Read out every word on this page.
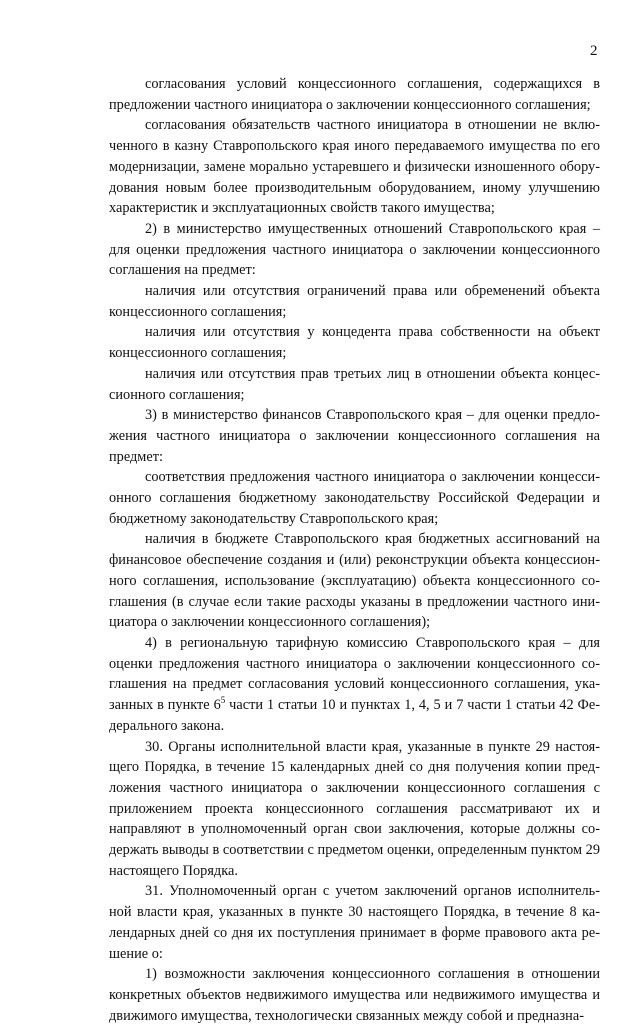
2

согласования условий концессионного соглашения, содержащихся в предложении частного инициатора о заключении концессионного соглашения;

согласования обязательств частного инициатора в отношении не вклю-ченного в казну Ставропольского края иного передаваемого имущества по его модернизации, замене морально устаревшего и физически изношенного обору-дования новым более производительным оборудованием, иному улучшению характеристик и эксплуатационных свойств такого имущества;

2) в министерство имущественных отношений Ставропольского края – для оценки предложения частного инициатора о заключении концессионного соглашения на предмет:

наличия или отсутствия ограничений права или обременений объекта концессионного соглашения;

наличия или отсутствия у концедента права собственности на объект концессионного соглашения;

наличия или отсутствия прав третьих лиц в отношении объекта концес-сионного соглашения;

3) в министерство финансов Ставропольского края – для оценки предло-жения частного инициатора о заключении концессионного соглашения на предмет:

соответствия предложения частного инициатора о заключении концесси-онного соглашения бюджетному законодательству Российской Федерации и бюджетному законодательству Ставропольского края;

наличия в бюджете Ставропольского края бюджетных ассигнований на финансовое обеспечение создания и (или) реконструкции объекта концессион-ного соглашения, использование (эксплуатацию) объекта концессионного со-глашения (в случае если такие расходы указаны в предложении частного ини-циатора о заключении концессионного соглашения);

4) в региональную тарифную комиссию Ставропольского края – для оценки предложения частного инициатора о заключении концессионного со-глашения на предмет согласования условий концессионного соглашения, ука-занных в пункте $6^5$ части 1 статьи 10 и пунктах 1, 4, 5 и 7 части 1 статьи 42 Фе-дерального закона.

30. Органы исполнительной власти края, указанные в пункте 29 настоя-щего Порядка, в течение 15 календарных дней со дня получения копии пред-ложения частного инициатора о заключении концессионного соглашения с приложением проекта концессионного соглашения рассматривают их и направляют в уполномоченный орган свои заключения, которые должны со-держать выводы в соответствии с предметом оценки, определенным пунктом 29 настоящего Порядка.

31. Уполномоченный орган с учетом заключений органов исполнитель-ной власти края, указанных в пункте 30 настоящего Порядка, в течение 8 ка-лендарных дней со дня их поступления принимает в форме правового акта ре-шение о:

1) возможности заключения концессионного соглашения в отношении конкретных объектов недвижимого имущества или недвижимого имущества и движимого имущества, технологически связанных между собой и предназна-
